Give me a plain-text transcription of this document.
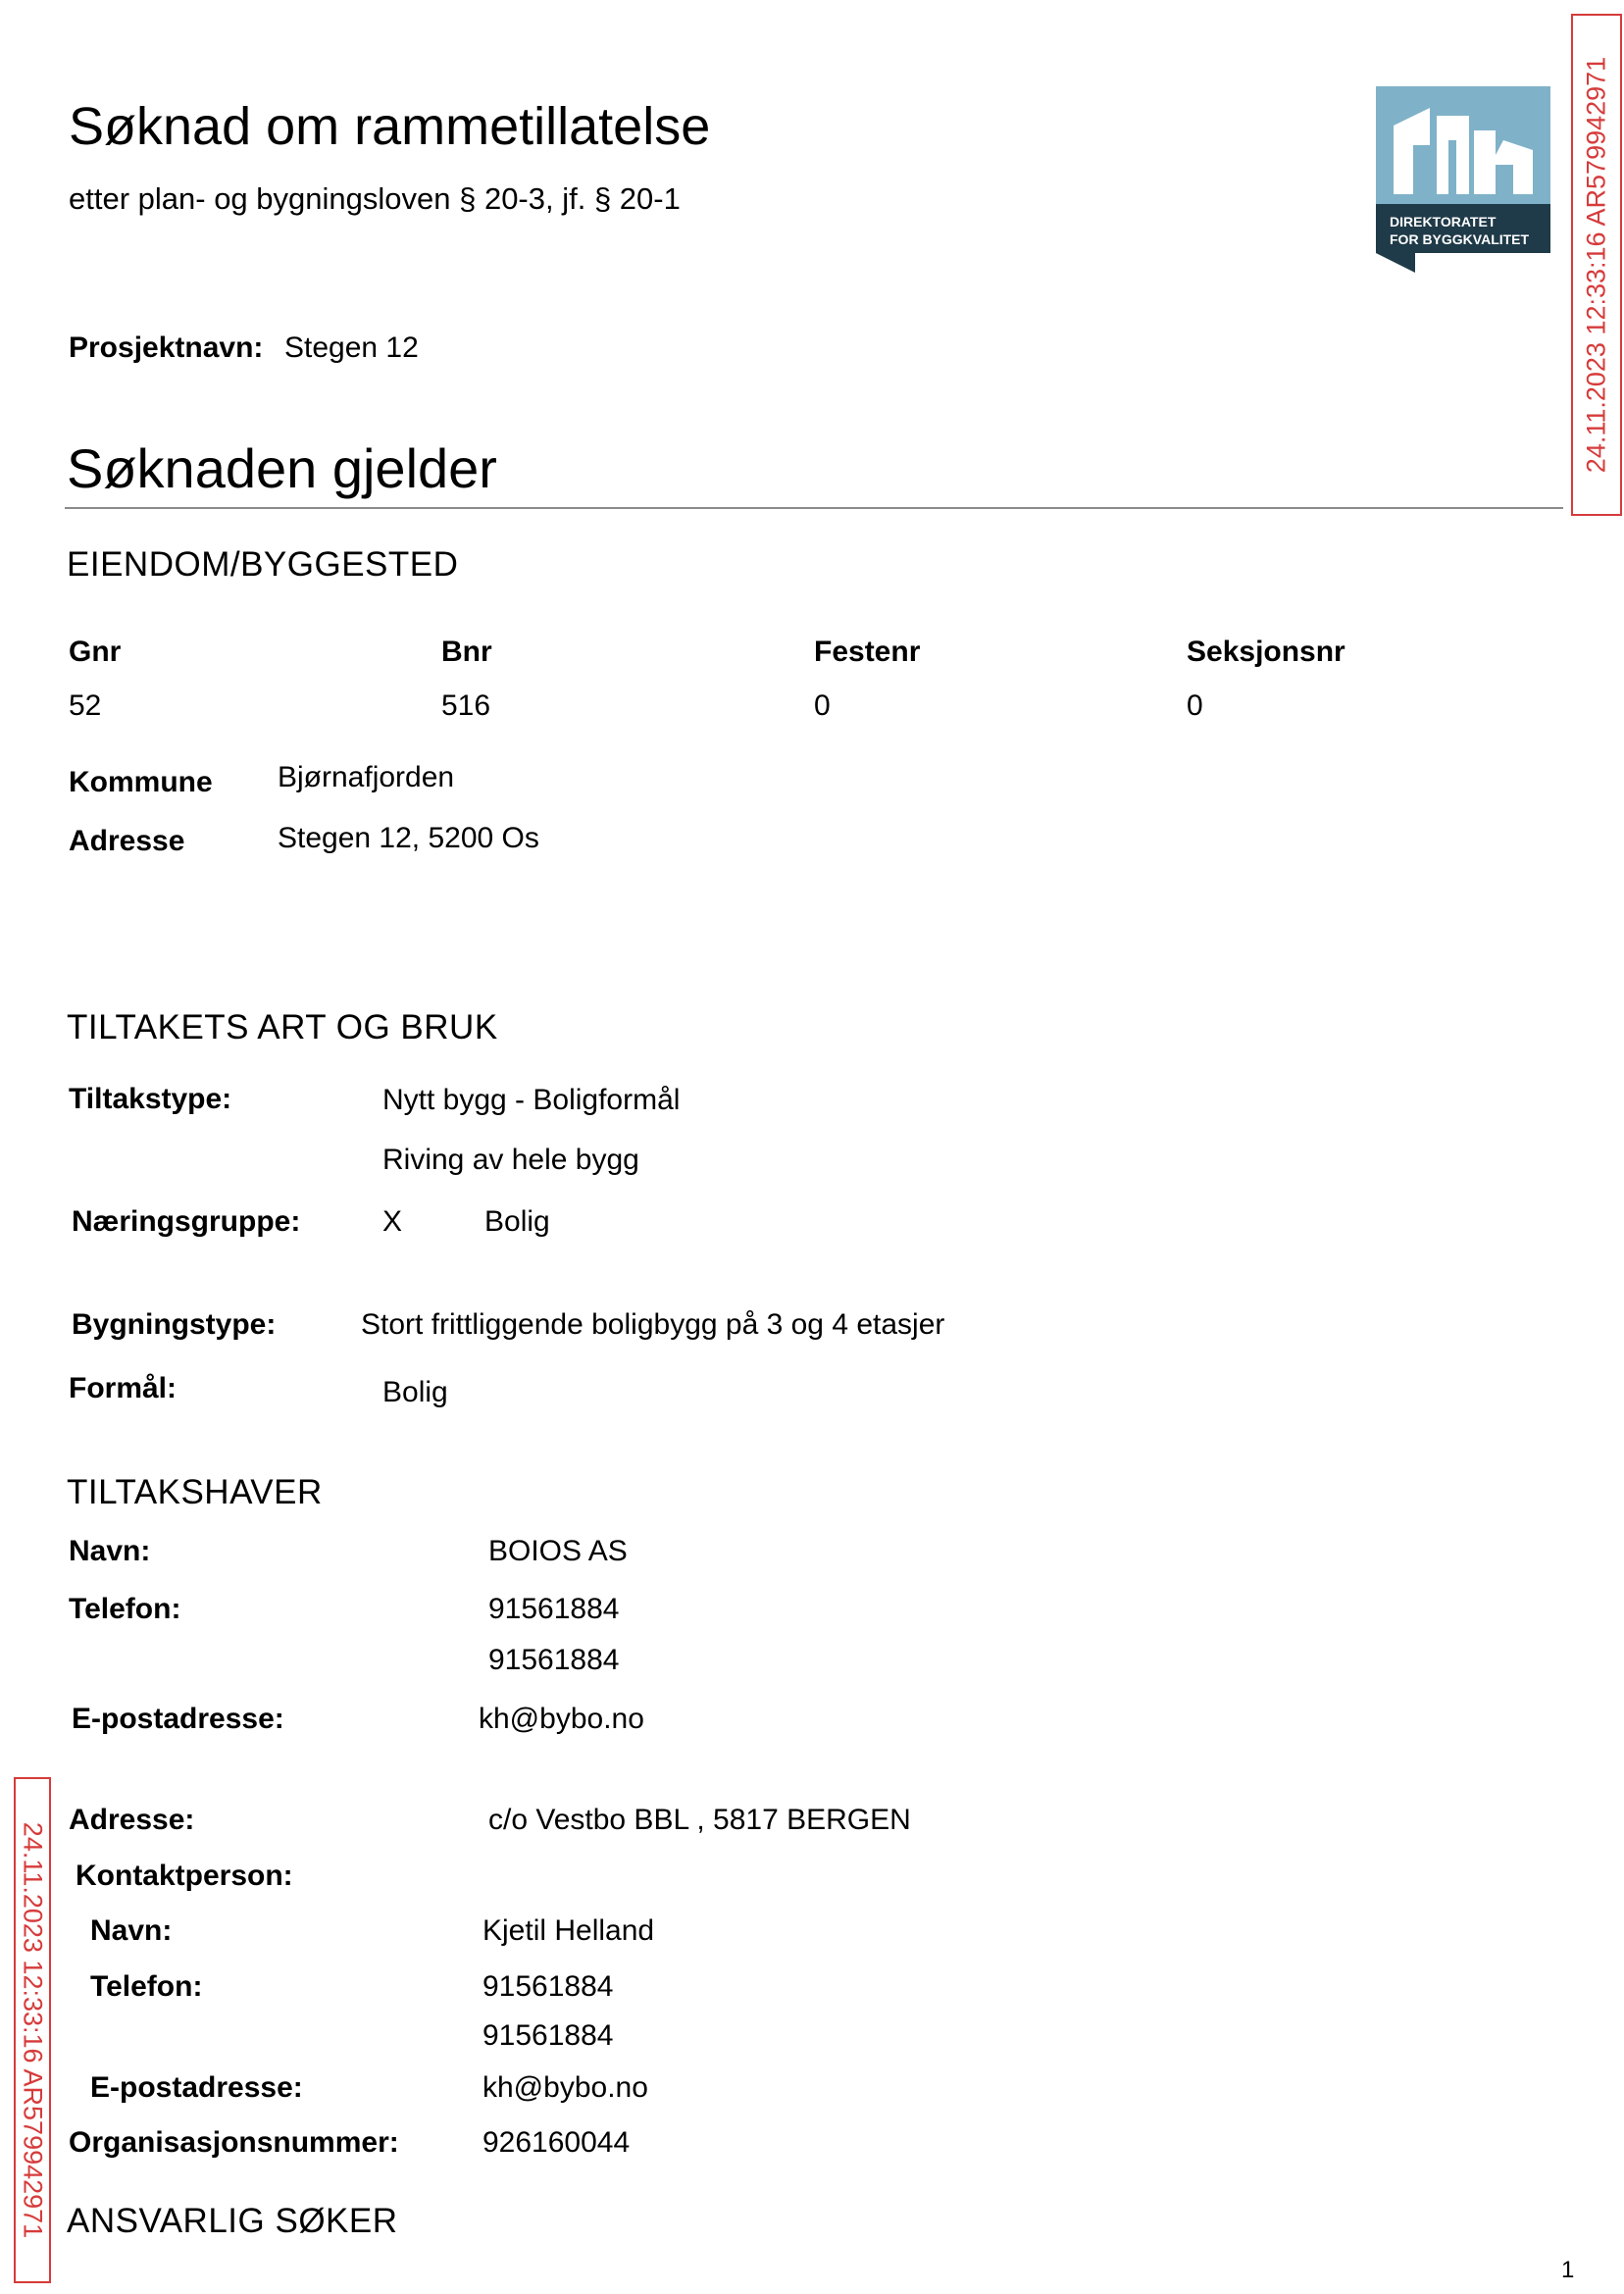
Søknad om rammetillatelse
etter plan- og bygningsloven § 20-3, jf. § 20-1
DIREKTORATET
FOR BYGGKVALITET 24.11.2023 12:33:16 AR579942971
Prosjektnavn: Stegen 12
Søknaden gjelder
EIENDOM/BYGGESTED
Gnr	Bnr	Festenr	Seksjonsnr
52	516	0	0
Kommune Bjørnafjorden
Adresse	Stegen 12, 5200 Os
TILTAKETS ART OG BRUK
Tiltakstype:	Nytt bygg - Boligformål
Riving av hele bygg
Næringsgruppe:	X	Bolig
Bygningstype:	Stort frittliggende boligbygg på 3 og 4 etasjer
Formål:	Bolig
TILTAKSHAVER
Navn:	BOIOS AS
Telefon:	91561884
91561884
E-postadresse:	kh@bybo.no
24.11.2023 12:33:16 AR579942971
Adresse:	c/o Vestbo BBL , 5817 BERGEN
Kontaktperson:
Navn:	Kjetil Helland
Telefon:	91561884
91561884
E-postadresse:	kh@bybo.no
Organisasjonsnummer:	926160044
ANSVARLIG SØKER
1
